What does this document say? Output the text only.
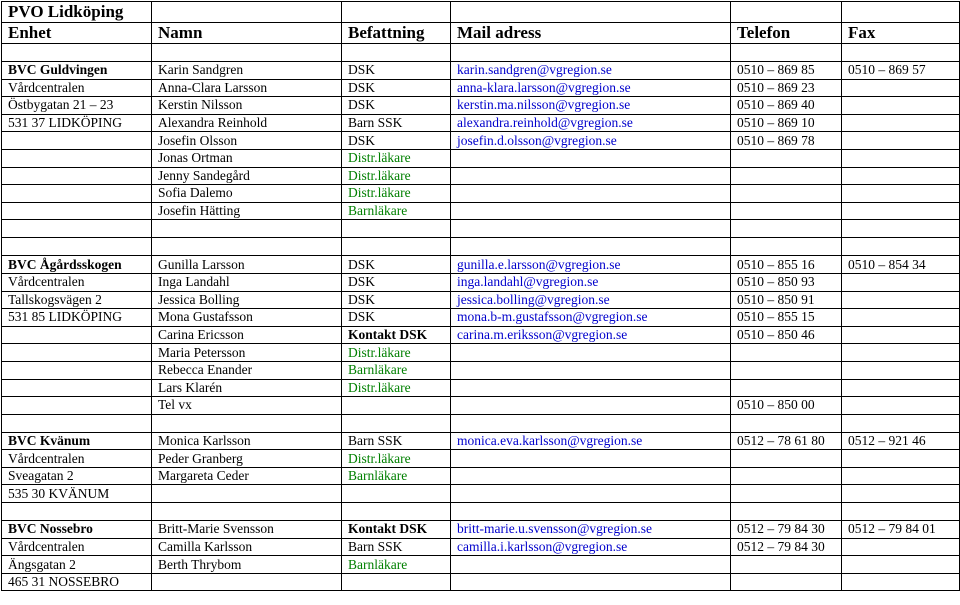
PVO Lidköping					
Enhet	Namn	Befattning	Mail adress	Telefon	Fax

BVC Guldvingen	Karin Sandgren	DSK	karin.sandgren@vgregion.se	0510 – 869 85	0510 – 869 57
Vårdcentralen	Anna-Clara Larsson	DSK	anna-klara.larsson@vgregion.se	0510 – 869 23	
Östbygatan 21 – 23	Kerstin Nilsson	DSK	kerstin.ma.nilsson@vgregion.se	0510 – 869 40	
531 37 LIDKÖPING	Alexandra Reinhold	Barn SSK	alexandra.reinhold@vgregion.se	0510 – 869 10	
	Josefin Olsson	DSK	josefin.d.olsson@vgregion.se	0510 – 869 78	
	Jonas Ortman	Distr.läkare			
	Jenny Sandegård	Distr.läkare			
	Sofia Dalemo	Distr.läkare			
	Josefin Hätting	Barnläkare			

BVC Ågårdsskogen	Gunilla Larsson	DSK	gunilla.e.larsson@vgregion.se	0510 – 855 16	0510 – 854 34
Vårdcentralen	Inga Landahl	DSK	inga.landahl@vgregion.se	0510 – 850 93	
Tallskogsvägen 2	Jessica Bolling	DSK	jessica.bolling@vgregion.se	0510 – 850 91	
531 85 LIDKÖPING	Mona Gustafsson	DSK	mona.b-m.gustafsson@vgregion.se	0510 – 855 15	
	Carina Ericsson	Kontakt DSK	carina.m.eriksson@vgregion.se	0510 – 850 46	
	Maria Petersson	Distr.läkare			
	Rebecca Enander	Barnläkare			
	Lars Klarén	Distr.läkare			
	Tel vx			0510 – 850 00	

BVC Kvänum	Monica Karlsson	Barn SSK	monica.eva.karlsson@vgregion.se	0512 – 78 61 80	0512 – 921 46
Vårdcentralen	Peder Granberg	Distr.läkare			
Sveagatan 2	Margareta Ceder	Barnläkare			
535 30 KVÄNUM					

BVC Nossebro	Britt-Marie Svensson	Kontakt DSK	britt-marie.u.svensson@vgregion.se	0512 – 79 84 30	0512 – 79 84 01
Vårdcentralen	Camilla Karlsson	Barn SSK	camilla.i.karlsson@vgregion.se	0512 – 79 84 30	
Ängsgatan 2	Berth Thrybom	Barnläkare			
465 31 NOSSEBRO					
